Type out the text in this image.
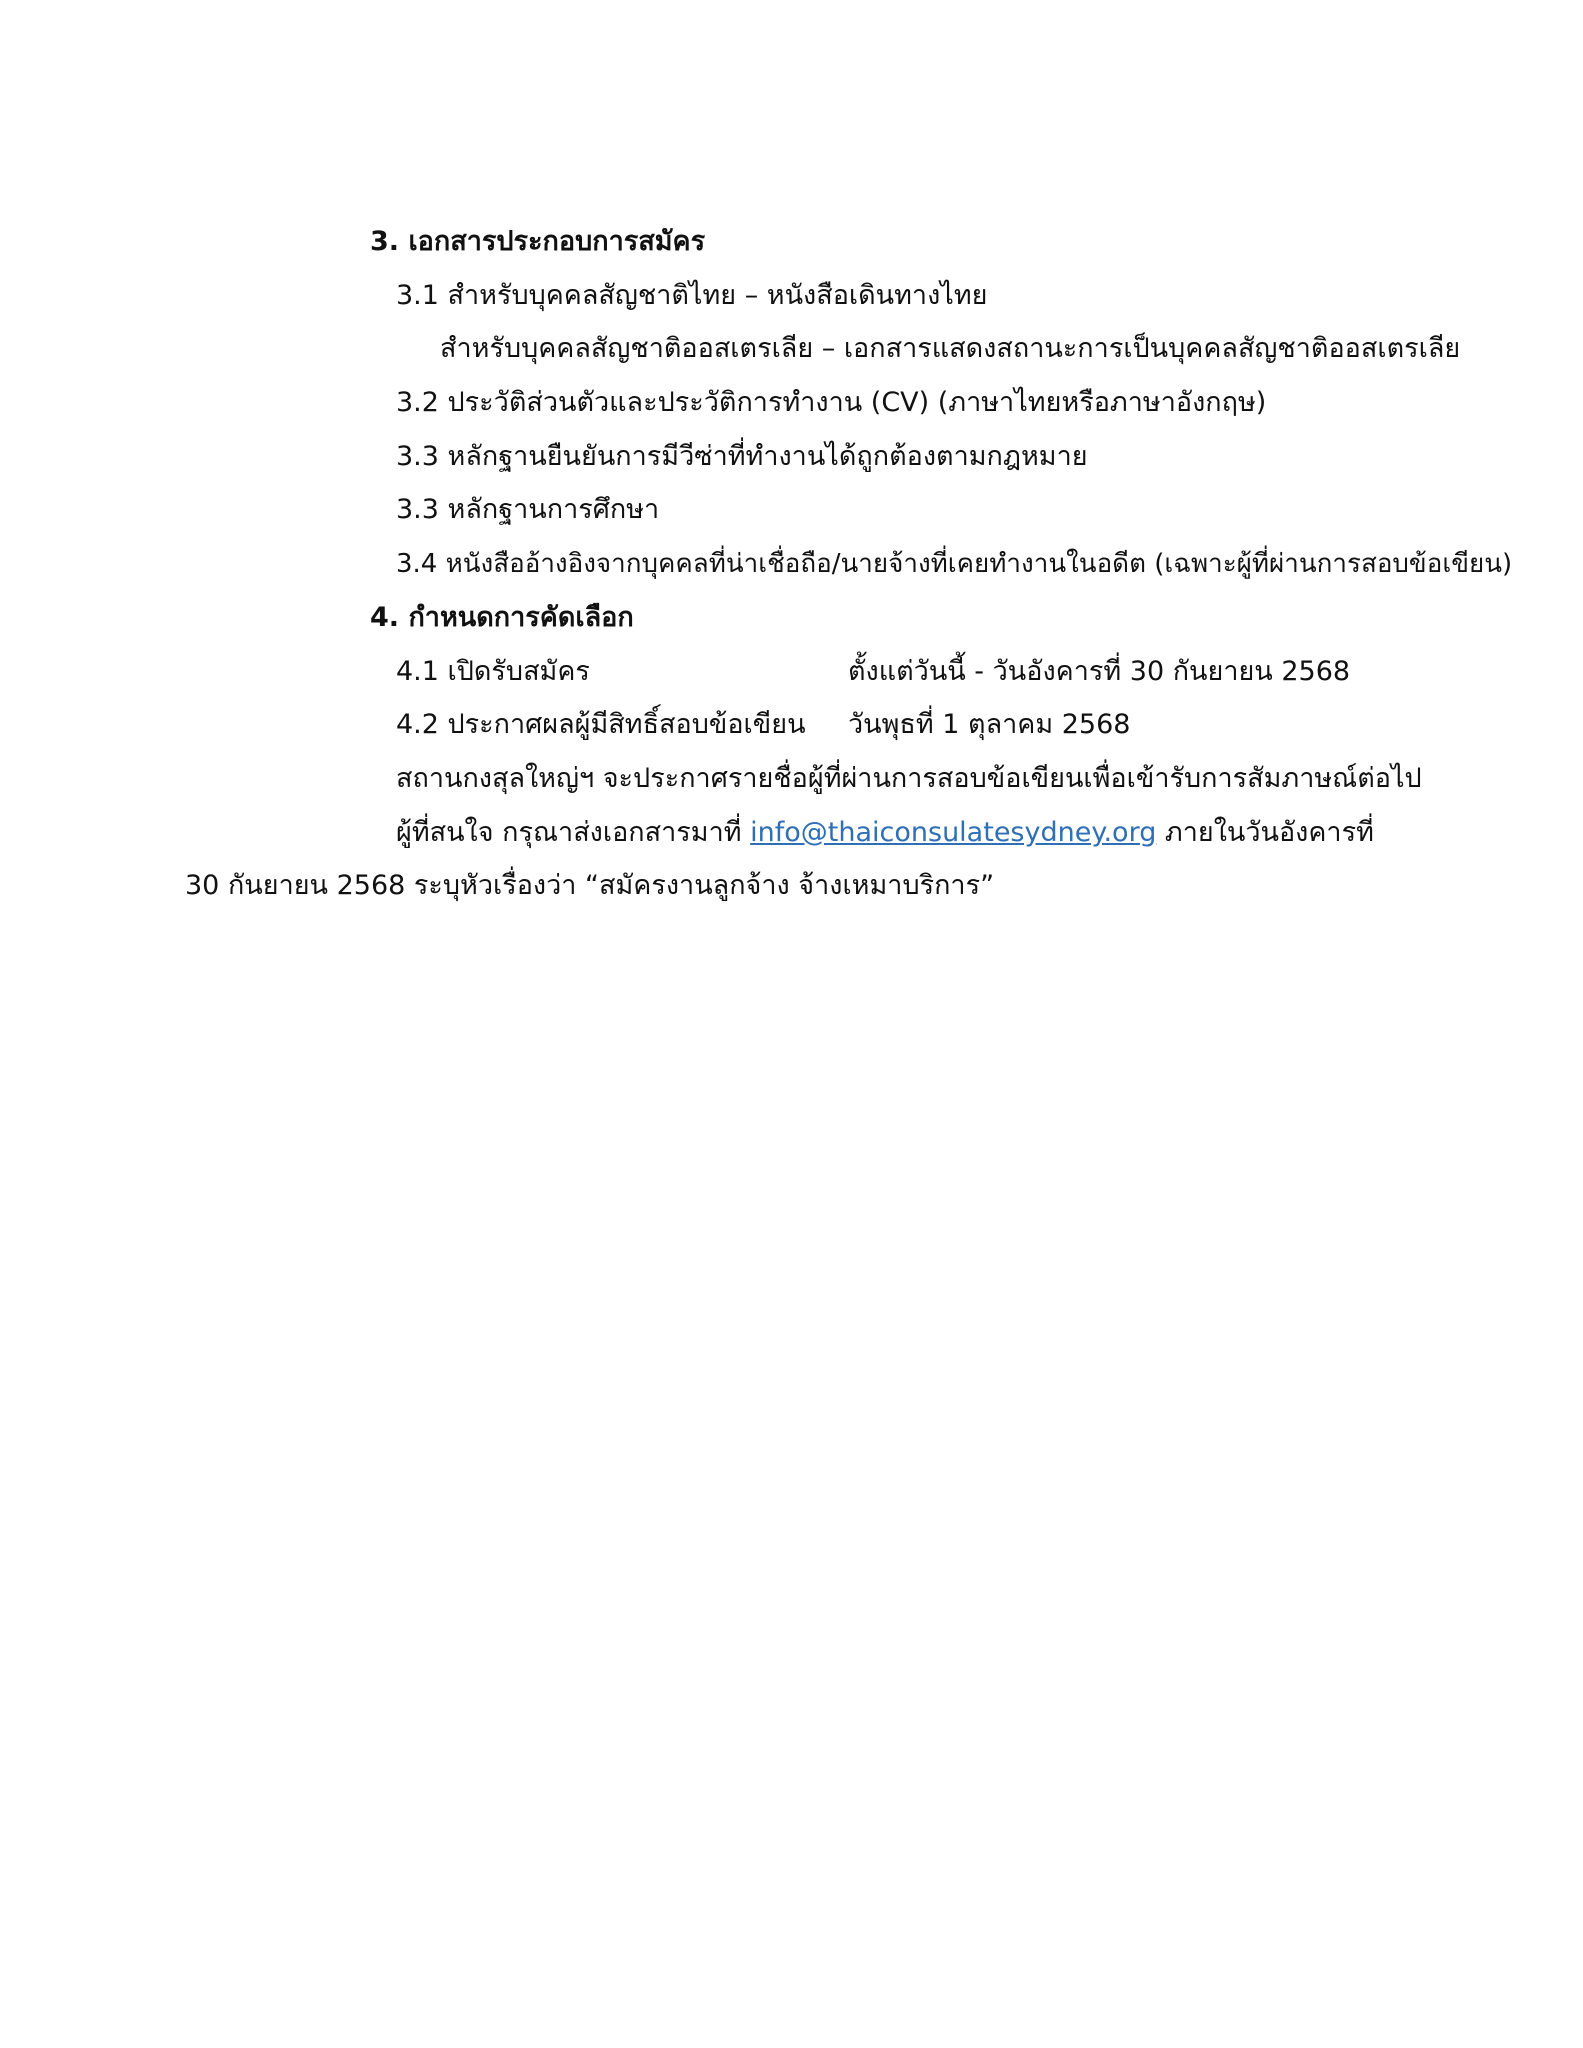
3. เอกสารประกอบการสมัคร
3.1 สำหรับบุคคลสัญชาติไทย – หนังสือเดินทางไทย
สำหรับบุคคลสัญชาติออสเตรเลีย – เอกสารแสดงสถานะการเป็นบุคคลสัญชาติออสเตรเลีย
3.2 ประวัติส่วนตัวและประวัติการทำงาน (CV) (ภาษาไทยหรือภาษาอังกฤษ)
3.3 หลักฐานยืนยันการมีวีซ่าที่ทำงานได้ถูกต้องตามกฎหมาย
3.3 หลักฐานการศึกษา
3.4 หนังสืออ้างอิงจากบุคคลที่น่าเชื่อถือ/นายจ้างที่เคยทำงานในอดีต (เฉพาะผู้ที่ผ่านการสอบข้อเขียน)
4. กำหนดการคัดเลือก
4.1 เปิดรับสมัคร	ตั้งแต่วันนี้ - วันอังคารที่ 30 กันยายน 2568
4.2 ประกาศผลผู้มีสิทธิ์สอบข้อเขียน วันพุธที่ 1 ตุลาคม 2568
สถานกงสุลใหญ่ฯ จะประกาศรายชื่อผู้ที่ผ่านการสอบข้อเขียนเพื่อเข้ารับการสัมภาษณ์ต่อไป
ผู้ที่สนใจ กรุณาส่งเอกสารมาที่ info@thaiconsulatesydney.org ภายในวันอังคารที่
30 กันยายน 2568 ระบุหัวเรื่องว่า “สมัครงานลูกจ้าง จ้างเหมาบริการ”
